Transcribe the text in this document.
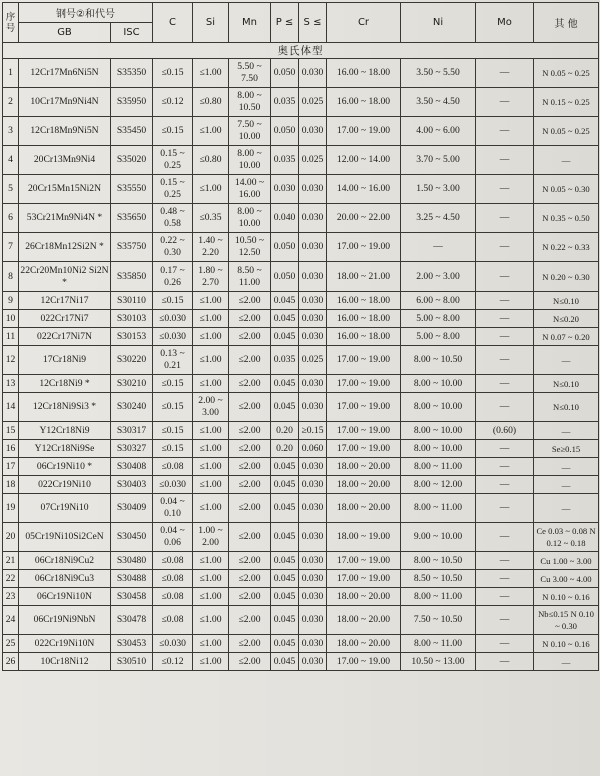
序号	钢号②和代号		C	Si	Mn	P ≤	S ≤	Cr	Ni	Mo	其 他
	GB	ISC									
奥氏体型											
1	12Cr17Mn6Ni5N	S35350	≤0.15	≤1.00	5.50 ~ 7.50	0.050	0.030	16.00 ~ 18.00	3.50 ~ 5.50	—	N 0.05 ~ 0.25
2	10Cr17Mn9Ni4N	S35950	≤0.12	≤0.80	8.00 ~ 10.50	0.035	0.025	16.00 ~ 18.00	3.50 ~ 4.50	—	N 0.15 ~ 0.25
3	12Cr18Mn9Ni5N	S35450	≤0.15	≤1.00	7.50 ~ 10.00	0.050	0.030	17.00 ~ 19.00	4.00 ~ 6.00	—	N 0.05 ~ 0.25
4	20Cr13Mn9Ni4	S35020	0.15 ~ 0.25	≤0.80	8.00 ~ 10.00	0.035	0.025	12.00 ~ 14.00	3.70 ~ 5.00	—	—
5	20Cr15Mn15Ni2N	S35550	0.15 ~ 0.25	≤1.00	14.00 ~ 16.00	0.030	0.030	14.00 ~ 16.00	1.50 ~ 3.00	—	N 0.05 ~ 0.30
6	53Cr21Mn9Ni4N *	S35650	0.48 ~ 0.58	≤0.35	8.00 ~ 10.00	0.040	0.030	20.00 ~ 22.00	3.25 ~ 4.50	—	N 0.35 ~ 0.50
7	26Cr18Mn12Si2N *	S35750	0.22 ~ 0.30	1.40 ~ 2.20	10.50 ~ 12.50	0.050	0.030	17.00 ~ 19.00	—	—	N 0.22 ~ 0.33
8	22Cr20Mn10Ni2 Si2N *	S35850	0.17 ~ 0.26	1.80 ~ 2.70	8.50 ~ 11.00	0.050	0.030	18.00 ~ 21.00	2.00 ~ 3.00	—	N 0.20 ~ 0.30
9	12Cr17Ni17	S30110	≤0.15	≤1.00	≤2.00	0.045	0.030	16.00 ~ 18.00	6.00 ~ 8.00	—	N≤0.10
10	022Cr17Ni7	S30103	≤0.030	≤1.00	≤2.00	0.045	0.030	16.00 ~ 18.00	5.00 ~ 8.00	—	N≤0.20
11	022Cr17Ni7N	S30153	≤0.030	≤1.00	≤2.00	0.045	0.030	16.00 ~ 18.00	5.00 ~ 8.00	—	N 0.07 ~ 0.20
12	17Cr18Ni9	S30220	0.13 ~ 0.21	≤1.00	≤2.00	0.035	0.025	17.00 ~ 19.00	8.00 ~ 10.50	—	—
13	12Cr18Ni9 *	S30210	≤0.15	≤1.00	≤2.00	0.045	0.030	17.00 ~ 19.00	8.00 ~ 10.00	—	N≤0.10
14	12Cr18Ni9Si3 *	S30240	≤0.15	2.00 ~ 3.00	≤2.00	0.045	0.030	17.00 ~ 19.00	8.00 ~ 10.00	—	N≤0.10
15	Y12Cr18Ni9	S30317	≤0.15	≤1.00	≤2.00	0.20	≥0.15	17.00 ~ 19.00	8.00 ~ 10.00	(0.60)	—
16	Y12Cr18Ni9Se	S30327	≤0.15	≤1.00	≤2.00	0.20	0.060	17.00 ~ 19.00	8.00 ~ 10.00	—	Se≥0.15
17	06Cr19Ni10 *	S30408	≤0.08	≤1.00	≤2.00	0.045	0.030	18.00 ~ 20.00	8.00 ~ 11.00	—	—
18	022Cr19Ni10	S30403	≤0.030	≤1.00	≤2.00	0.045	0.030	18.00 ~ 20.00	8.00 ~ 12.00	—	—
19	07Cr19Ni10	S30409	0.04 ~ 0.10	≤1.00	≤2.00	0.045	0.030	18.00 ~ 20.00	8.00 ~ 11.00	—	—
20	05Cr19Ni10Si2CeN	S30450	0.04 ~ 0.06	1.00 ~ 2.00	≤2.00	0.045	0.030	18.00 ~ 19.00	9.00 ~ 10.00	—	Ce 0.03 ~ 0.08 N 0.12 ~ 0.18
21	06Cr18Ni9Cu2	S30480	≤0.08	≤1.00	≤2.00	0.045	0.030	17.00 ~ 19.00	8.00 ~ 10.50	—	Cu 1.00 ~ 3.00
22	06Cr18Ni9Cu3	S30488	≤0.08	≤1.00	≤2.00	0.045	0.030	17.00 ~ 19.00	8.50 ~ 10.50	—	Cu 3.00 ~ 4.00
23	06Cr19Ni10N	S30458	≤0.08	≤1.00	≤2.00	0.045	0.030	18.00 ~ 20.00	8.00 ~ 11.00	—	N 0.10 ~ 0.16
24	06Cr19Ni9NbN	S30478	≤0.08	≤1.00	≤2.00	0.045	0.030	18.00 ~ 20.00	7.50 ~ 10.50	—	Nb≤0.15 N 0.10 ~ 0.30
25	022Cr19Ni10N	S30453	≤0.030	≤1.00	≤2.00	0.045	0.030	18.00 ~ 20.00	8.00 ~ 11.00	—	N 0.10 ~ 0.16
26	10Cr18Ni12	S30510	≤0.12	≤1.00	≤2.00	0.045	0.030	17.00 ~ 19.00	10.50 ~ 13.00	—	—
